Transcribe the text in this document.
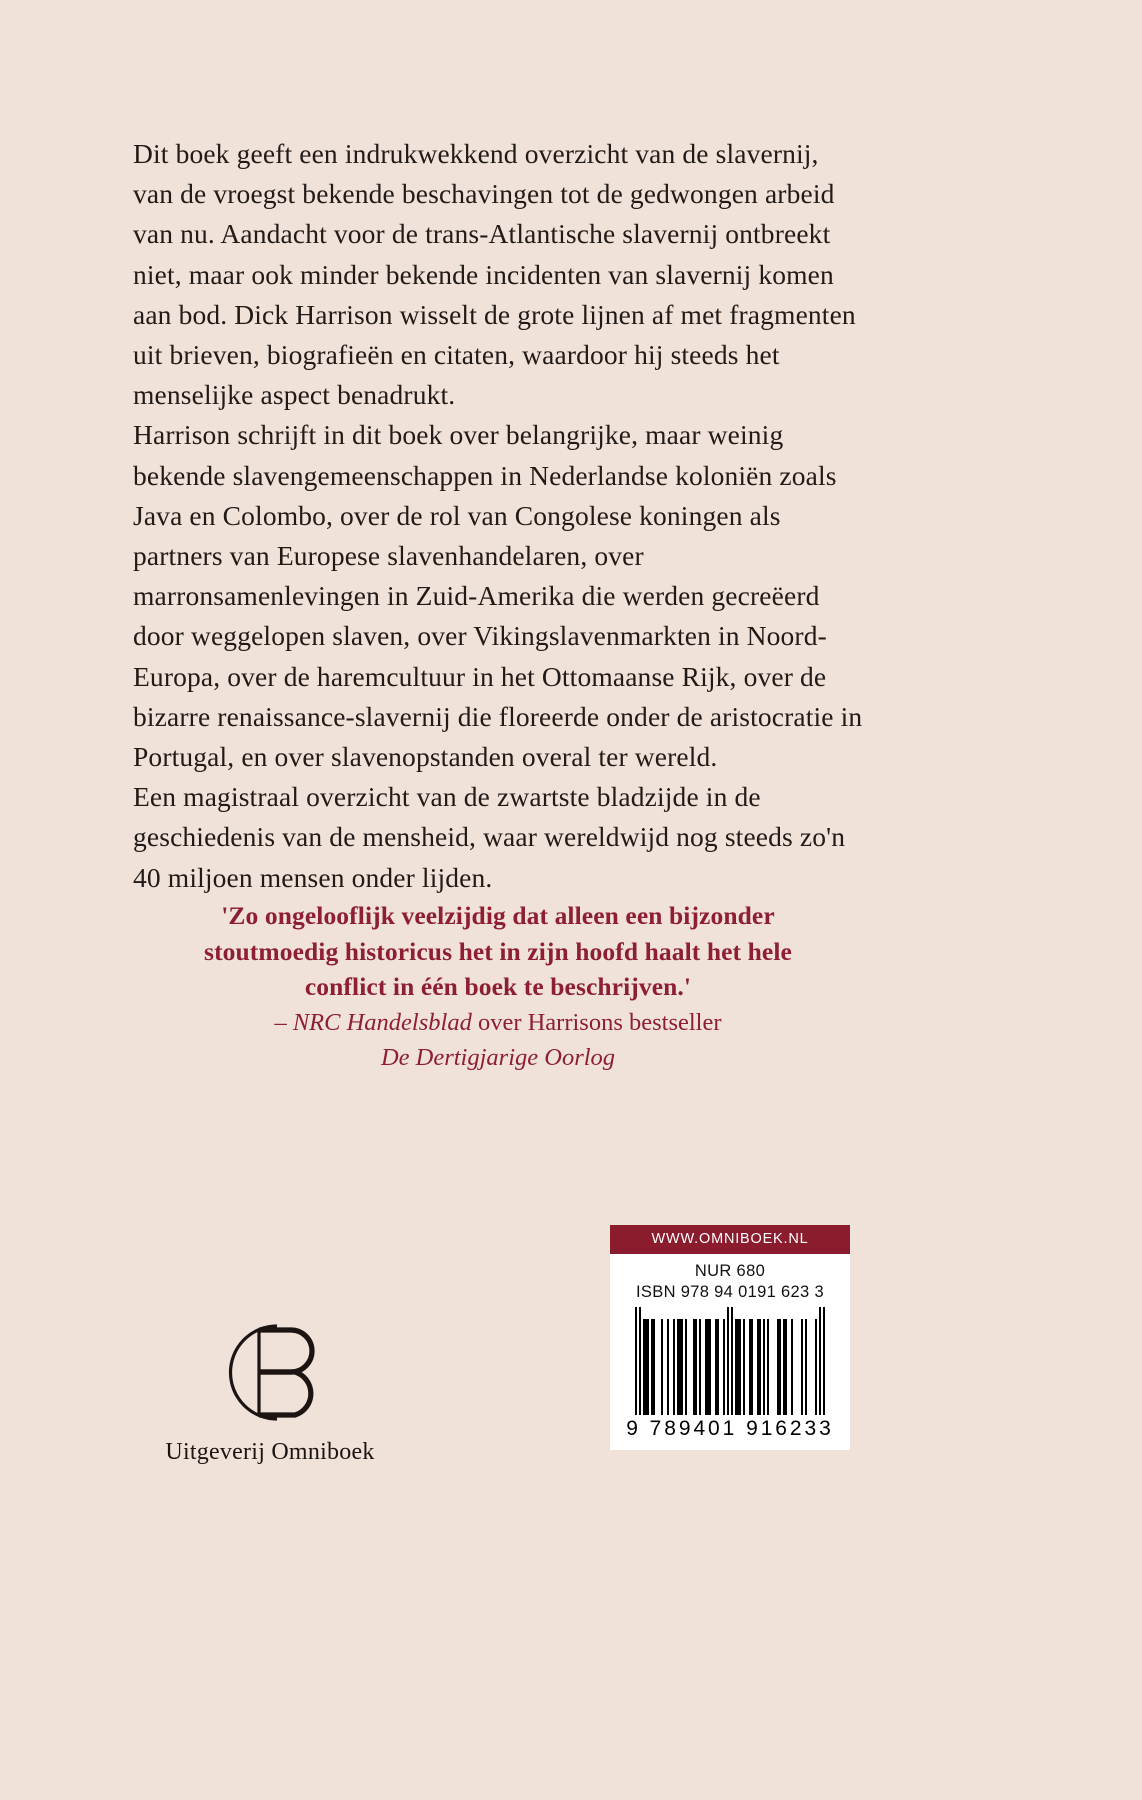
Dit boek geeft een indrukwekkend overzicht van de slavernij, van de vroegst bekende beschavingen tot de gedwongen arbeid van nu. Aandacht voor de trans-Atlantische slavernij ontbreekt niet, maar ook minder bekende incidenten van slavernij komen aan bod. Dick Harrison wisselt de grote lijnen af met fragmenten uit brieven, biografieën en citaten, waardoor hij steeds het menselijke aspect benadrukt.

Harrison schrijft in dit boek over belangrijke, maar weinig bekende slavengemeenschappen in Nederlandse koloniën zoals Java en Colombo, over de rol van Congolese koningen als partners van Europese slavenhandelaren, over marronsamenlevingen in Zuid-Amerika die werden gecreëerd door weggelopen slaven, over Vikingslavenmarkten in Noord-Europa, over de haremcultuur in het Ottomaanse Rijk, over de bizarre renaissance-slavernij die floreerde onder de aristocratie in Portugal, en over slavenopstanden overal ter wereld.

Een magistraal overzicht van de zwartste bladzijde in de geschiedenis van de mensheid, waar wereldwijd nog steeds zo'n 40 miljoen mensen onder lijden.

'Zo ongelooflijk veelzijdig dat alleen een bijzonder

stoutmoedig historicus het in zijn hoofd haalt het hele

conflict in één boek te beschrijven.'

– NRC Handelsblad over Harrisons bestseller

De Dertigjarige Oorlog

Uitgeverij Omniboek
WWW.OMNIBOEK.NL
NUR 680
ISBN 978 94 0191 623 3
9 789401 916233
